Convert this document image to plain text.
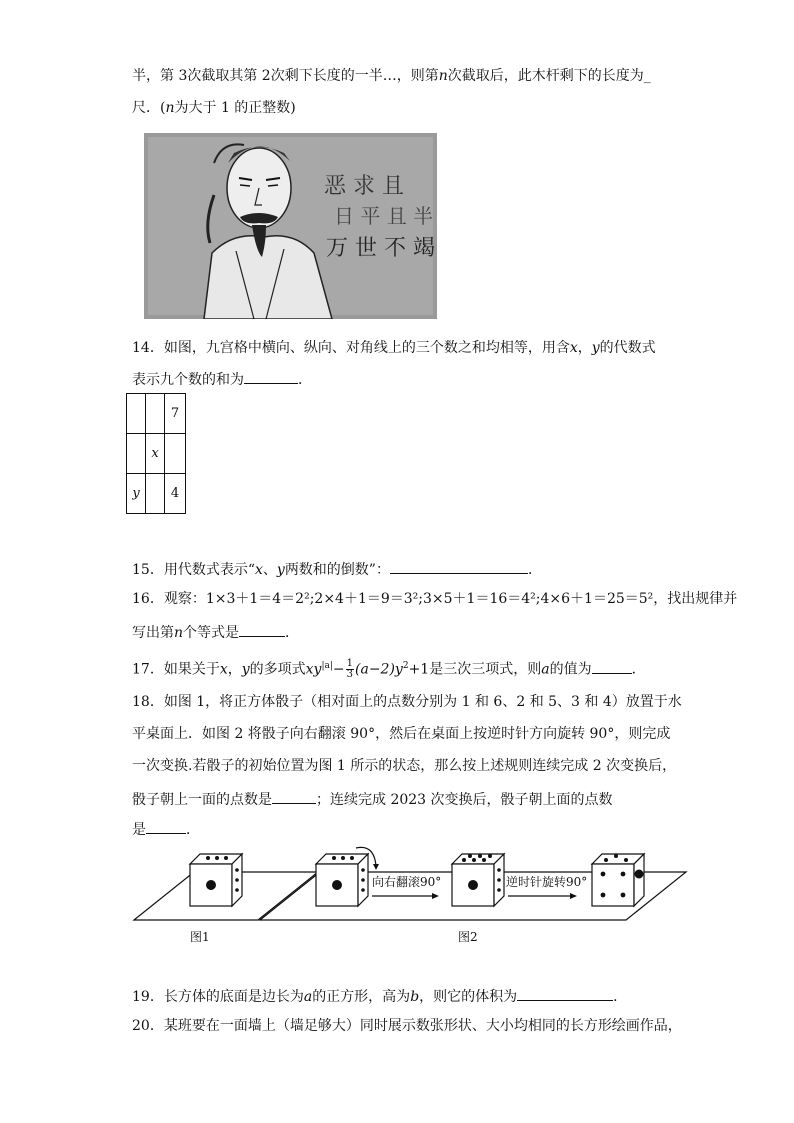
半，第 3次截取其第 2次剩下长度的一半…，则第n次截取后，此木杆剩下的长度为_
尺．(n为大于 1 的正整数)
恶 求 且
日 平 且 半
万 世 不 竭
14．如图，九宫格中横向、纵向、对角线上的三个数之和均相等，用含x，y的代数式
表示九个数的和为	．
		7
	x	
y		4
15．用代数式表示“x、y两数和的倒数”：	．
16．观察：1×3＋1＝4＝2²;2×4＋1＝9＝3²;3×5＋1＝16＝4²;4×6＋1＝25＝5²，找出规律并
写出第n个等式是	．
17．如果关于x，y的多项式$xy^{|a|}- \frac{1}{3} (a-2)y^2+1$是三次三项式，则a的值为	．
18．如图 1，将正方体骰子（相对面上的点数分别为 1 和 6、2 和 5、3 和 4）放置于水
平桌面上．如图 2 将骰子向右翻滚 90°，然后在桌面上按逆时针方向旋转 90°，则完成
一次变换.若骰子的初始位置为图 1 所示的状态，那么按上述规则连续完成 2 次变换后，
骰子朝上一面的点数是	；连续完成 2023 次变换后，骰子朝上面的点数
是	．
向右翻滚90°	逆时针旋转90°
图1	图2
19．长方体的底面是边长为a的正方形，高为b，则它的体积为	．
20．某班要在一面墙上（墙足够大）同时展示数张形状、大小均相同的长方形绘画作品，
